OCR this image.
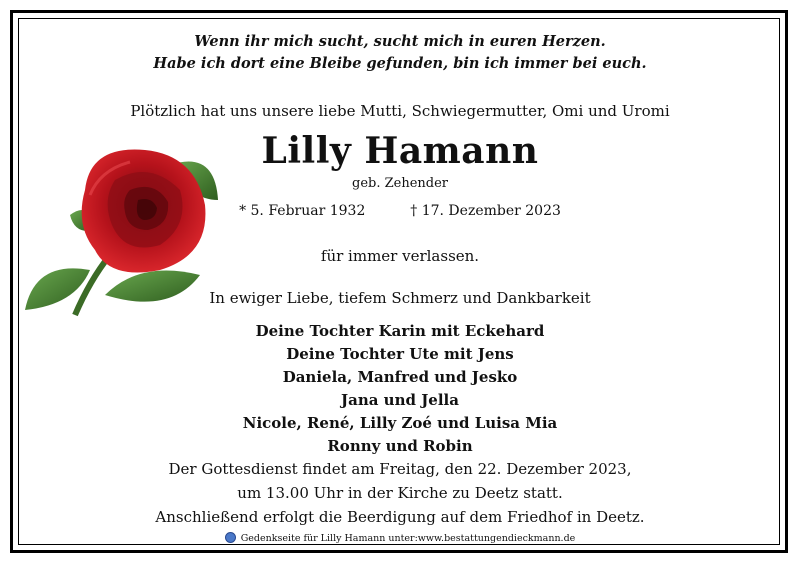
Wenn ihr mich sucht, sucht mich in euren Herzen.
Habe ich dort eine Bleibe gefunden, bin ich immer bei euch.
Plötzlich hat uns unsere liebe Mutti, Schwiegermutter, Omi und Uromi
Lilly Hamann
geb. Zehender
* 5. Februar 1932	† 17. Dezember 2023
für immer verlassen.
In ewiger Liebe, tiefem Schmerz und Dankbarkeit
Deine Tochter Karin mit Eckehard
Deine Tochter Ute mit Jens
Daniela, Manfred und Jesko
Jana und Jella
Nicole, René, Lilly Zoé und Luisa Mia
Ronny und Robin
Der Gottesdienst findet am Freitag, den 22. Dezember 2023,
um 13.00 Uhr in der Kirche zu Deetz statt.
Anschließend erfolgt die Beerdigung auf dem Friedhof in Deetz.
Gedenkseite für Lilly Hamann unter:www.bestattungendieckmann.de
